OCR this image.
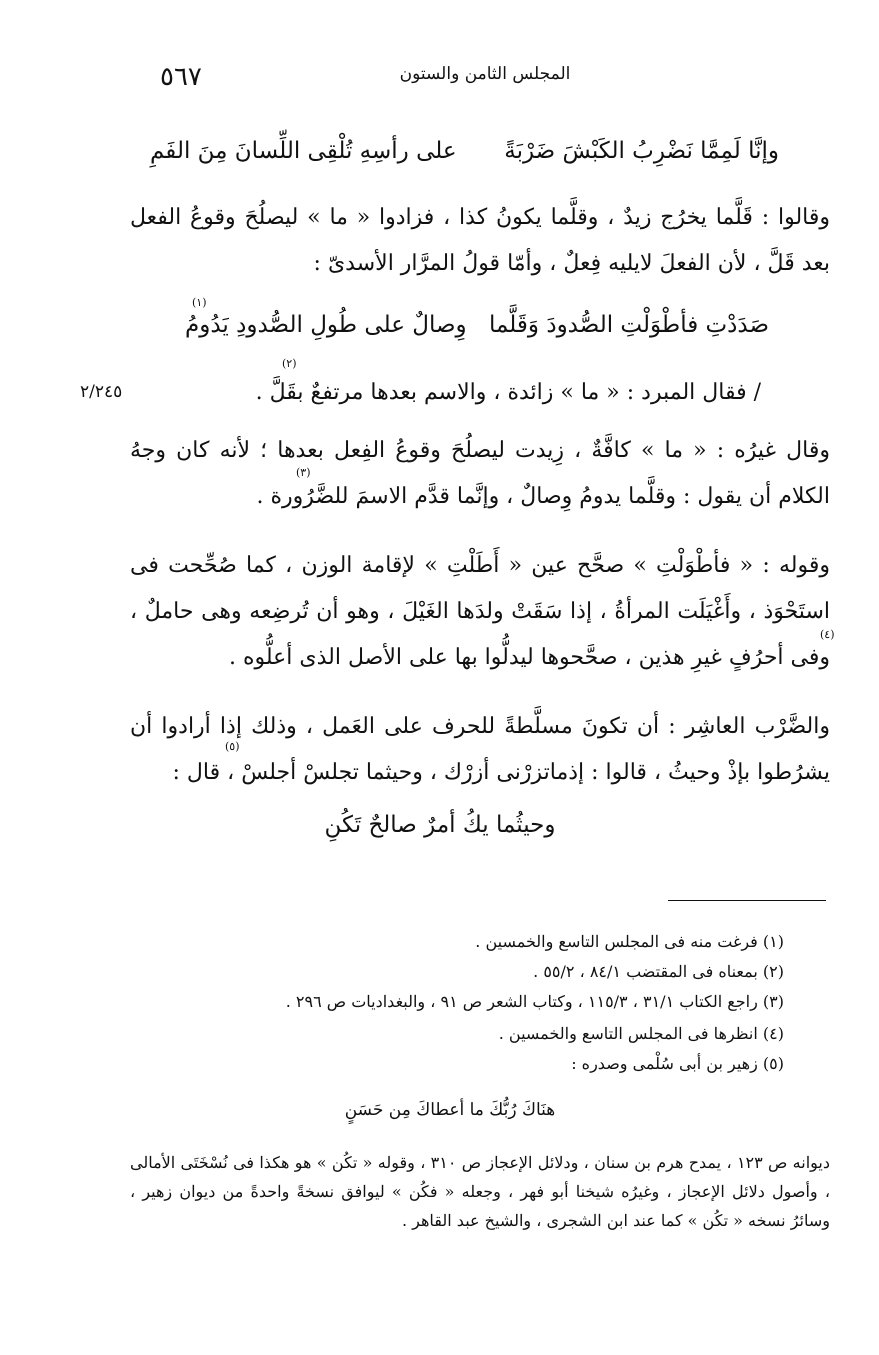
٥٦٧	المجلس الثامن والستون
وإنَّا لَمِمَّا نَضْرِبُ الكَبْشَ ضَرْبَةً
على رأسِهِ تُلْقِى اللِّسانَ مِنَ الفَمِ
وقالوا : قَلَّما يخرُج زيدٌ ، وقلَّما يكونُ كذا ، فزادوا « ما » ليصلُحَ وقوعُ الفعل بعد قَلَّ ، لأن الفعلَ لايليه فِعلٌ ، وأمّا قولُ المرَّار الأسدىّ :
صَدَدْتِ فأطْوَلْتِ الصُّدودَ وَقَلَّما
وِصالٌ على طُولِ الصُّدودِ يَدُومُ
(١)
/ فقال المبرد : « ما » زائدة ، والاسم بعدها مرتفعٌ بقَلَّ .
(٢)
٢/٢٤٥
وقال غيرُه : « ما » كافَّةٌ ، زِيدت ليصلُحَ وقوعُ الفِعل بعدها ؛ لأنه كان وجهُ الكلام أن يقول : وقلَّما يدومُ وِصالٌ ، وإنَّما قدَّم الاسمَ للضَّرُورة .
(٣)
وقوله : « فأطْوَلْتِ » صحَّح عين « أَطَلْتِ » لإقامة الوزن ، كما صُحِّحت فى استَحْوَذ ، وأَغْيَلَت المرأةُ ، إذا سَقَتْ ولدَها الغَيْلَ ، وهو أن تُرضِعه وهى حاملٌ ، وفى أحرُفٍ غيرِ هذين ، صحَّحوها ليدلُّوا بها على الأصل الذى أعلُّوه .
(٤)
والضَّرْب العاشِر : أن تكونَ مسلَّطةً للحرف على العَمل ، وذلك إذا أرادوا أن يشرُطوا بإذْ وحيثُ ، قالوا : إذماتزرْنى أزرْك ، وحيثما تجلسْ أجلسْ ، قال :
(٥)
وحيثُما يكُ أمرٌ صالحٌ تَكُنِ
(١) فرغت منه فى المجلس التاسع والخمسين .
(٢) بمعناه فى المقتضب ٨٤/١ ، ٥٥/٢ .
(٣) راجع الكتاب ٣١/١ ، ١١٥/٣ ، وكتاب الشعر ص ٩١ ، والبغداديات ص ٢٩٦ .
(٤) انظرها فى المجلس التاسع والخمسين .
(٥) زهير بن أبى سُلْمى وصدره :
هنَاكَ رُبُّكَ ما أعطاكَ مِن حَسَنٍ
ديوانه ص ١٢٣ ، يمدح هرم بن سنان ، ودلائل الإعجاز ص ٣١٠ ، وقوله « تكُن » هو هكذا فى نُسْخَتَى الأمالى ، وأصول دلائل الإعجاز ، وغيرُه شيخنا أبو فهر ، وجعله « فكُن » ليوافق نسخةً واحدةً من ديوان زهير ، وسائرُ نسخه « تكُن » كما عند ابن الشجرى ، والشيخ عبد القاهر .
